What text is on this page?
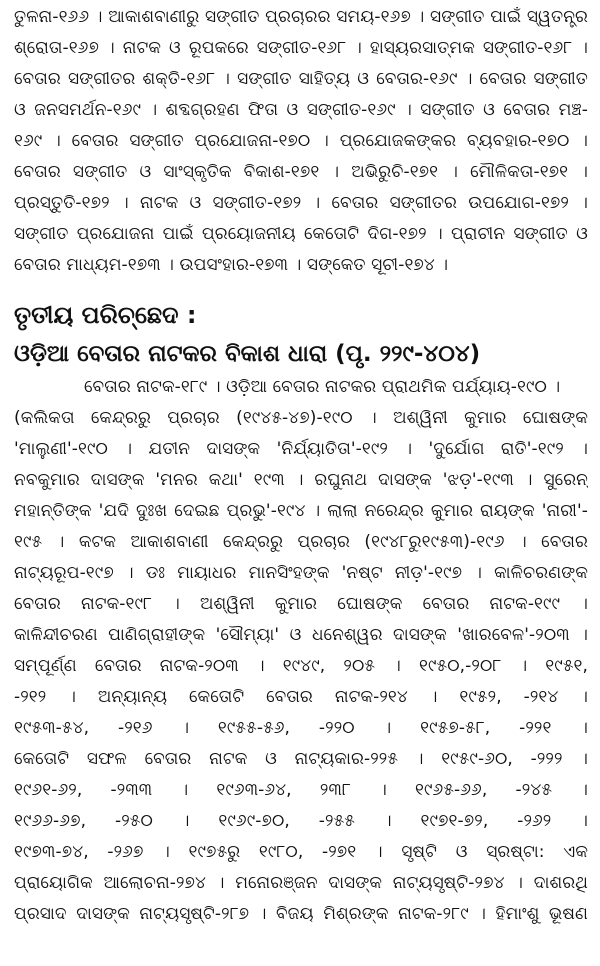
ତୁଳନା-୧୬୬ । ଆକାଶବାଣୀରୁ ସଙ୍ଗୀତ ପ୍ରଚାରର ସମୟ-୧୬୭ । ସଙ୍ଗୀତ ପାଇଁ ସ୍ୱତନ୍ତ୍ର
ଶ୍ରୋତା-୧୬୭ । ନାଟକ ଓ ରୂପକରେ ସଙ୍ଗୀତ-୧୬୮ । ହାସ୍ୟରସାତ୍ମକ ସଙ୍ଗୀତ-୧୬୮ ।
ବେତାର ସଙ୍ଗୀତର ଶକ୍ତି-୧୬୮ । ସଙ୍ଗୀତ ସାହିତ୍ୟ ଓ ବେତାର-୧୬୯ । ବେତାର ସଙ୍ଗୀତ
ଓ ଜନସମର୍ଥନ-୧୬୯ । ଶବ୍ଦଗ୍ରହଣ ଫିତା ଓ ସଙ୍ଗୀତ-୧୬୯ । ସଙ୍ଗୀତ ଓ ବେତାର ମଞ୍ଚ-
୧୬୯ । ବେତାର ସଙ୍ଗୀତ ପ୍ରଯୋଜନା-୧୭୦ । ପ୍ରଯୋଜକଙ୍କର ବ୍ୟବହାର-୧୭୦ ।
ବେତାର ସଙ୍ଗୀତ ଓ ସାଂସ୍କୃତିକ ବିକାଶ-୧୭୧ । ଅଭିରୁଚି-୧୭୧ । ମୌଳିକତା-୧୭୧ ।
ପ୍ରସ୍ତୁତି-୧୭୨ । ନାଟକ ଓ ସଙ୍ଗୀତ-୧୭୨ । ବେତାର ସଙ୍ଗୀତର ଉପଯୋଗ-୧୭୨ ।
ସଙ୍ଗୀତ ପ୍ରଯୋଜନା ପାଇଁ ପ୍ରୟୋଜନୀୟ କେତୋଟି ଦିଗ-୧୭୨ । ପ୍ରାଚୀନ ସଙ୍ଗୀତ ଓ
ବେତାର ମାଧ୍ୟମ-୧୭୩ । ଉପସଂହାର-୧୭୩ । ସଙ୍କେତ ସୂଚୀ-୧୭୪ ।
ତୃତୀୟ ପରିଚ୍ଛେଦ :
ଓଡ଼ିଆ ବେତାର ନାଟକର ବିକାଶ ଧାରା (ପୃ. ୨୨୯-୪୦୪)
ବେତାର ନାଟକ-୧୮୯ । ଓଡ଼ିଆ ବେତାର ନାଟକର ପ୍ରାଥମିକ ପର୍ଯ୍ୟାୟ-୧୯୦ ।
(କଲିକତା କେନ୍ଦ୍ରରୁ ପ୍ରଚାର (୧୯୪୫-୪୭)-୧୯୦ । ଅଶ୍ୱିନୀ କୁମାର ଘୋଷଙ୍କ
'ମାଲୁଣୀ'-୧୯୦ । ଯତୀନ ଦାସଙ୍କ 'ନିର୍ଯ୍ୟାତିତା'-୧୯୨ । 'ଦୁର୍ଯୋଗ ରାତି'-୧୯୨ ।
ନବକୁମାର ଦାସଙ୍କ 'ମନର କଥା' ୧୯୩ । ରଘୁନାଥ ଦାସଙ୍କ 'ଝଡ଼'-୧୯୩ । ସୁରେନ୍
ମହାନ୍ତିଙ୍କ 'ଯଦି ଦୁଃଖ ଦେଇଛ ପ୍ରଭୁ'-୧୯୪ । ଲାଲା ନରେନ୍ଦ୍ର କୁମାର ରାୟଙ୍କ 'ନାରୀ'-
୧୯୫ । କଟକ ଆକାଶବାଣୀ କେନ୍ଦ୍ରରୁ ପ୍ରଚାର (୧୯୪୮ରୁ୧୯୫୩)-୧୯୬ । ବେତାର
ନାଟ୍ୟରୂପ-୧୯୭ । ଡଃ ମାୟାଧର ମାନସିଂହଙ୍କ 'ନଷ୍ଟ ନୀଡ଼'-୧୯୭ । କାଳିଚରଣଙ୍କ
ବେତାର ନାଟକ-୧୯୮ । ଅଶ୍ୱିନୀ କୁମାର ଘୋଷଙ୍କ ବେତାର ନାଟକ-୧୯୯ ।
କାଳିନ୍ଦୀଚରଣ ପାଣିଗ୍ରାହୀଙ୍କ 'ସୌମ୍ୟା' ଓ ଧନେଶ୍ୱର ଦାସଙ୍କ 'ଖାରବେଳ'-୨୦୩ ।
ସମ୍ପୂର୍ଣ୍ଣ ବେତାର ନାଟକ-୨୦୩ । ୧୯୪୯, ୨୦୫ । ୧୯୫୦,-୨୦୮ । ୧୯୫୧,
-୨୧୨ । ଅନ୍ୟାନ୍ୟ କେତୋଟି ବେତାର ନାଟକ-୨୧୪ । ୧୯୫୨, -୨୧୪ ।
୧୯୫୩-୫୪, -୨୧୬ । ୧୯୫୫-୫୬, -୨୨୦ । ୧୯୫୭-୫୮, -୨୨୧ ।
କେତୋଟି ସଫଳ ବେତାର ନାଟକ ଓ ନାଟ୍ୟକାର-୨୨୫ । ୧୯୫୯-୬୦, -୨୨୨ ।
୧୯୬୧-୬୨, -୨୩୩ । ୧୯୬୩-୬୪, ୨୩୮ । ୧୯୬୫-୬୬, -୨୪୫ ।
୧୯୬୬-୬୭, -୨୫୦ । ୧୯୬୯-୭୦, -୨୫୫ । ୧୯୭୧-୭୨, -୨୬୨ ।
୧୯୭୩-୭୪, -୨୬୭ । ୧୯୭୫ରୁ ୧୯୮୦, -୨୭୧ । ସୃଷ୍ଟି ଓ ସ୍ରଷ୍ଟା: ଏକ
ପ୍ରାୟୋଗିକ ଆଲୋଚନା-୨୭୪ । ମନୋରଞ୍ଜନ ଦାସଙ୍କ ନାଟ୍ୟସୃଷ୍ଟି-୨୭୪ । ଦାଶରଥି
ପ୍ରସାଦ ଦାସଙ୍କ ନାଟ୍ୟସୃଷ୍ଟି-୨୮୭ । ବିଜୟ ମିଶ୍ରଙ୍କ ନାଟକ-୨୮୯ । ହିମାଂଶୁ ଭୂଷଣ
